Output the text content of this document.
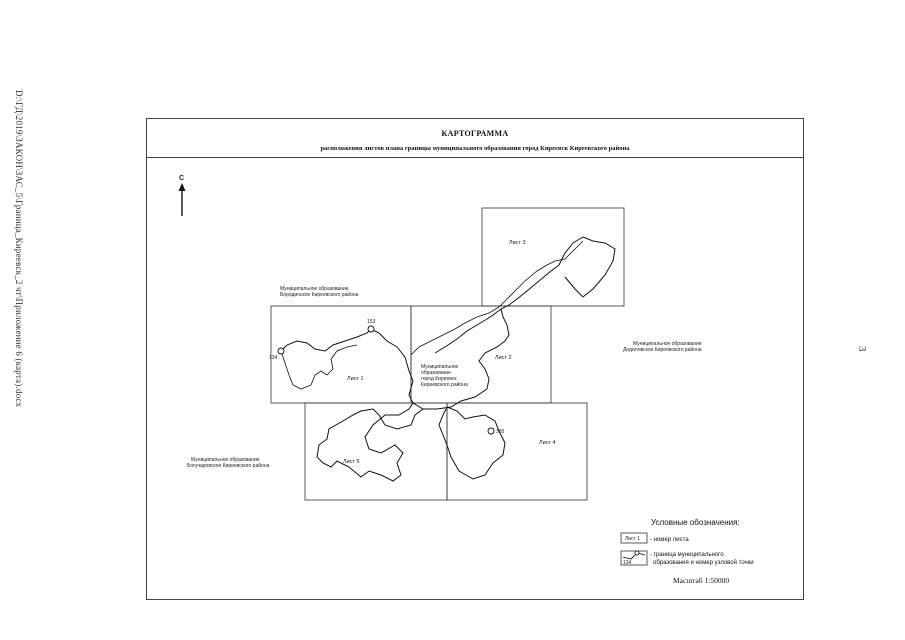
D:\ГД\2019\ЗАКОН\ЗАС_5\Граница_Киреевск_2 чт\Приложение 6 (карта).docx	3
КАРТОГРАММА
расположения листов плана границы муниципального образования город Киреевск Киреевского района
С
134
153
335
Лист 1
Лист 2
Лист 3
Лист 4
Лист 5
Муниципальное образование
Бородинское Киреевского района
Муниципальное образование
Дедиловское Киреевского района
Муниципальное образование
Богучаровское Киреевского района
Муниципальное
образование
город Киреевск
Киреевского района
Условные обозначения:
Лист 1 - номер листа
134
- граница муниципального
образования и номер узловой точки
Масштаб 1:50000
